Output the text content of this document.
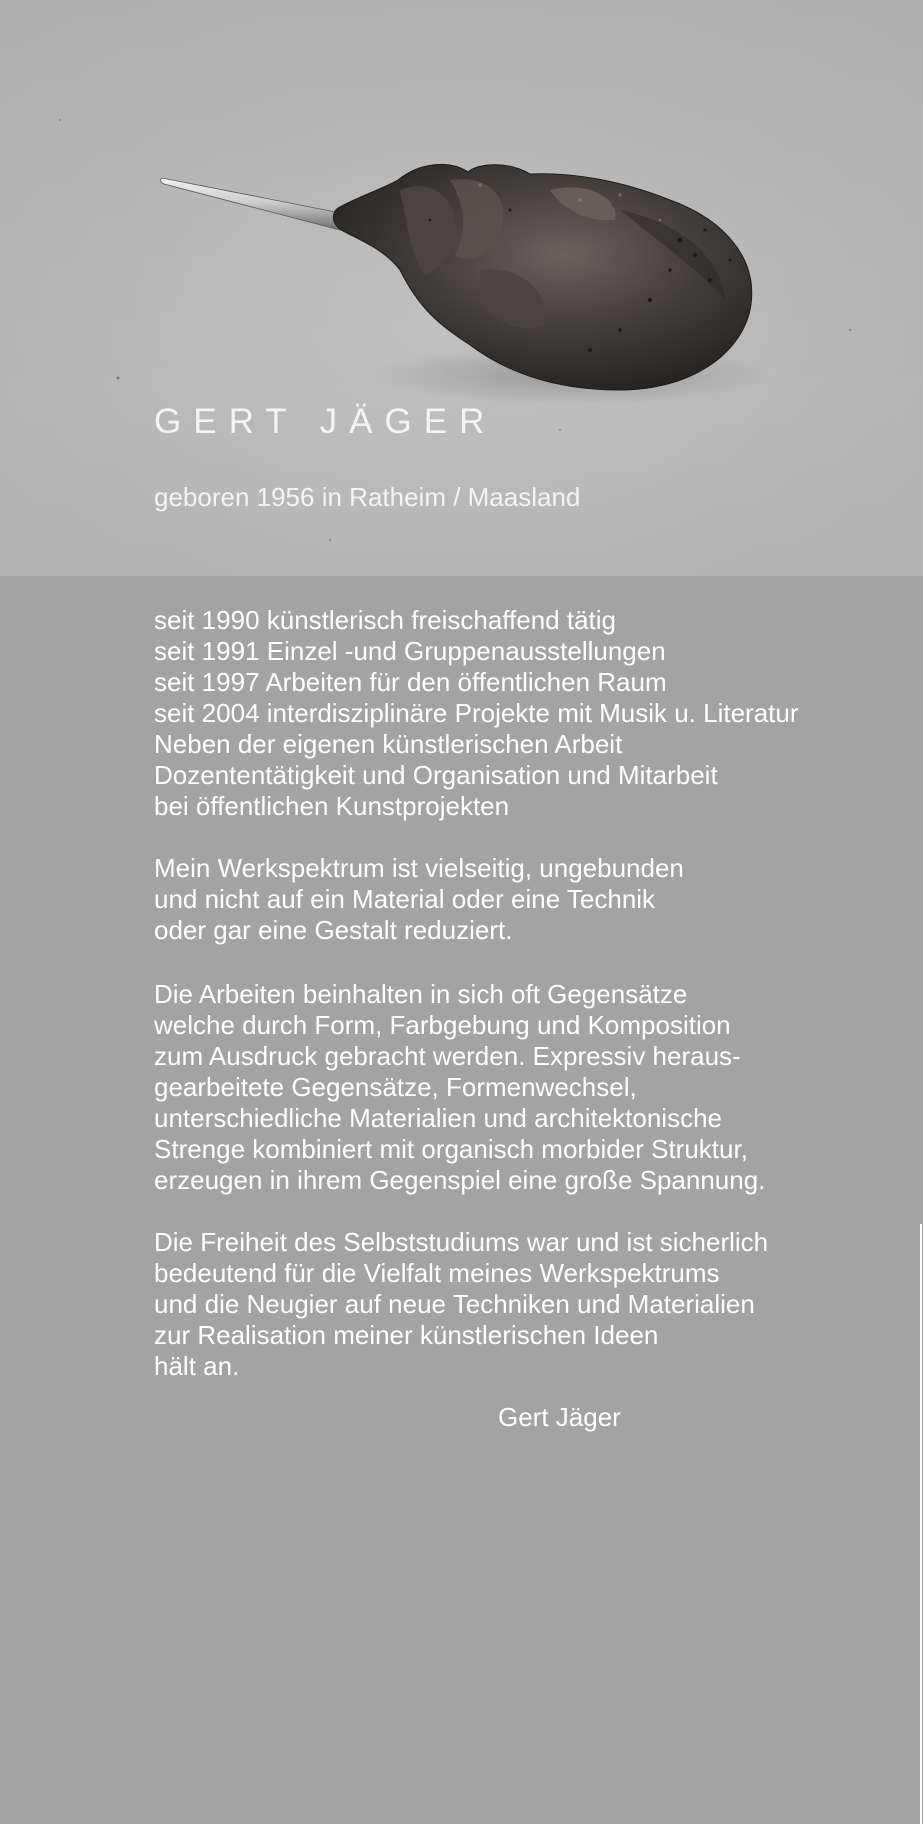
GERT JÄGER

geboren 1956 in Ratheim / Maasland

seit 1990 künstlerisch freischaffend tätig
seit 1991 Einzel -und Gruppenausstellungen
seit 1997 Arbeiten für den öffentlichen Raum
seit 2004 interdisziplinäre Projekte mit Musik u. Literatur
Neben der eigenen künstlerischen Arbeit
Dozententätigkeit und Organisation und Mitarbeit
bei öffentlichen Kunstprojekten

Mein Werkspektrum ist vielseitig, ungebunden
und nicht auf ein Material oder eine Technik
oder gar eine Gestalt reduziert.

Die Arbeiten beinhalten in sich oft Gegensätze
welche durch Form, Farbgebung und Komposition
zum Ausdruck gebracht werden. Expressiv heraus-
gearbeitete Gegensätze, Formenwechsel,
unterschiedliche Materialien und architektonische
Strenge kombiniert mit organisch morbider Struktur,
erzeugen in ihrem Gegenspiel eine große Spannung.

Die Freiheit des Selbststudiums war und ist sicherlich
bedeutend für die Vielfalt meines Werkspektrums
und die Neugier auf neue Techniken und Materialien
zur Realisation meiner künstlerischen Ideen
hält an.

Gert Jäger
